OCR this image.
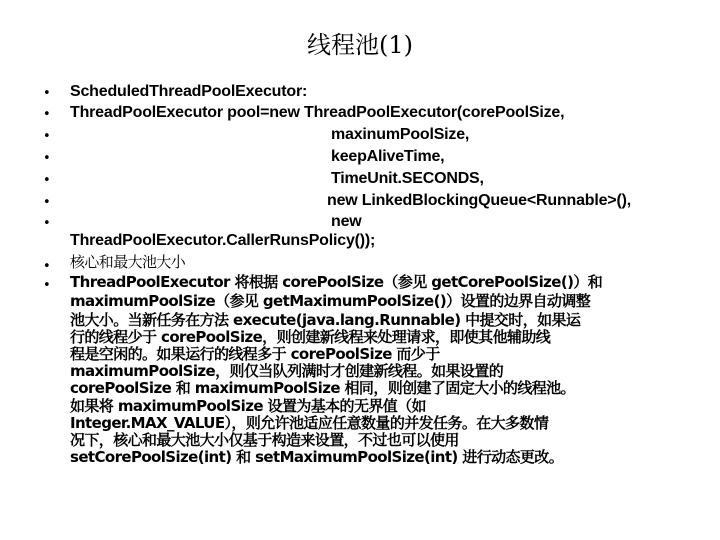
线程池(1)
•
•
•
•
•
•
•
•
•
ScheduledThreadPoolExecutor:
ThreadPoolExecutor pool=new ThreadPoolExecutor(corePoolSize,
maxinumPoolSize,
keepAliveTime,
TimeUnit.SECONDS,
new LinkedBlockingQueue<Runnable>(),
new
ThreadPoolExecutor.CallerRunsPolicy());
核心和最大池大小
ThreadPoolExecutor 将根据 corePoolSize（参见 getCorePoolSize()）和
maximumPoolSize（参见 getMaximumPoolSize()）设置的边界自动调整
池大小。当新任务在方法 execute(java.lang.Runnable) 中提交时，如果运
行的线程少于 corePoolSize，则创建新线程来处理请求，即使其他辅助线
程是空闲的。如果运行的线程多于 corePoolSize 而少于
maximumPoolSize，则仅当队列满时才创建新线程。如果设置的
corePoolSize 和 maximumPoolSize 相同，则创建了固定大小的线程池。
如果将 maximumPoolSize 设置为基本的无界值（如
Integer.MAX_VALUE），则允许池适应任意数量的并发任务。在大多数情
况下，核心和最大池大小仅基于构造来设置，不过也可以使用
setCorePoolSize(int) 和 setMaximumPoolSize(int) 进行动态更改。
